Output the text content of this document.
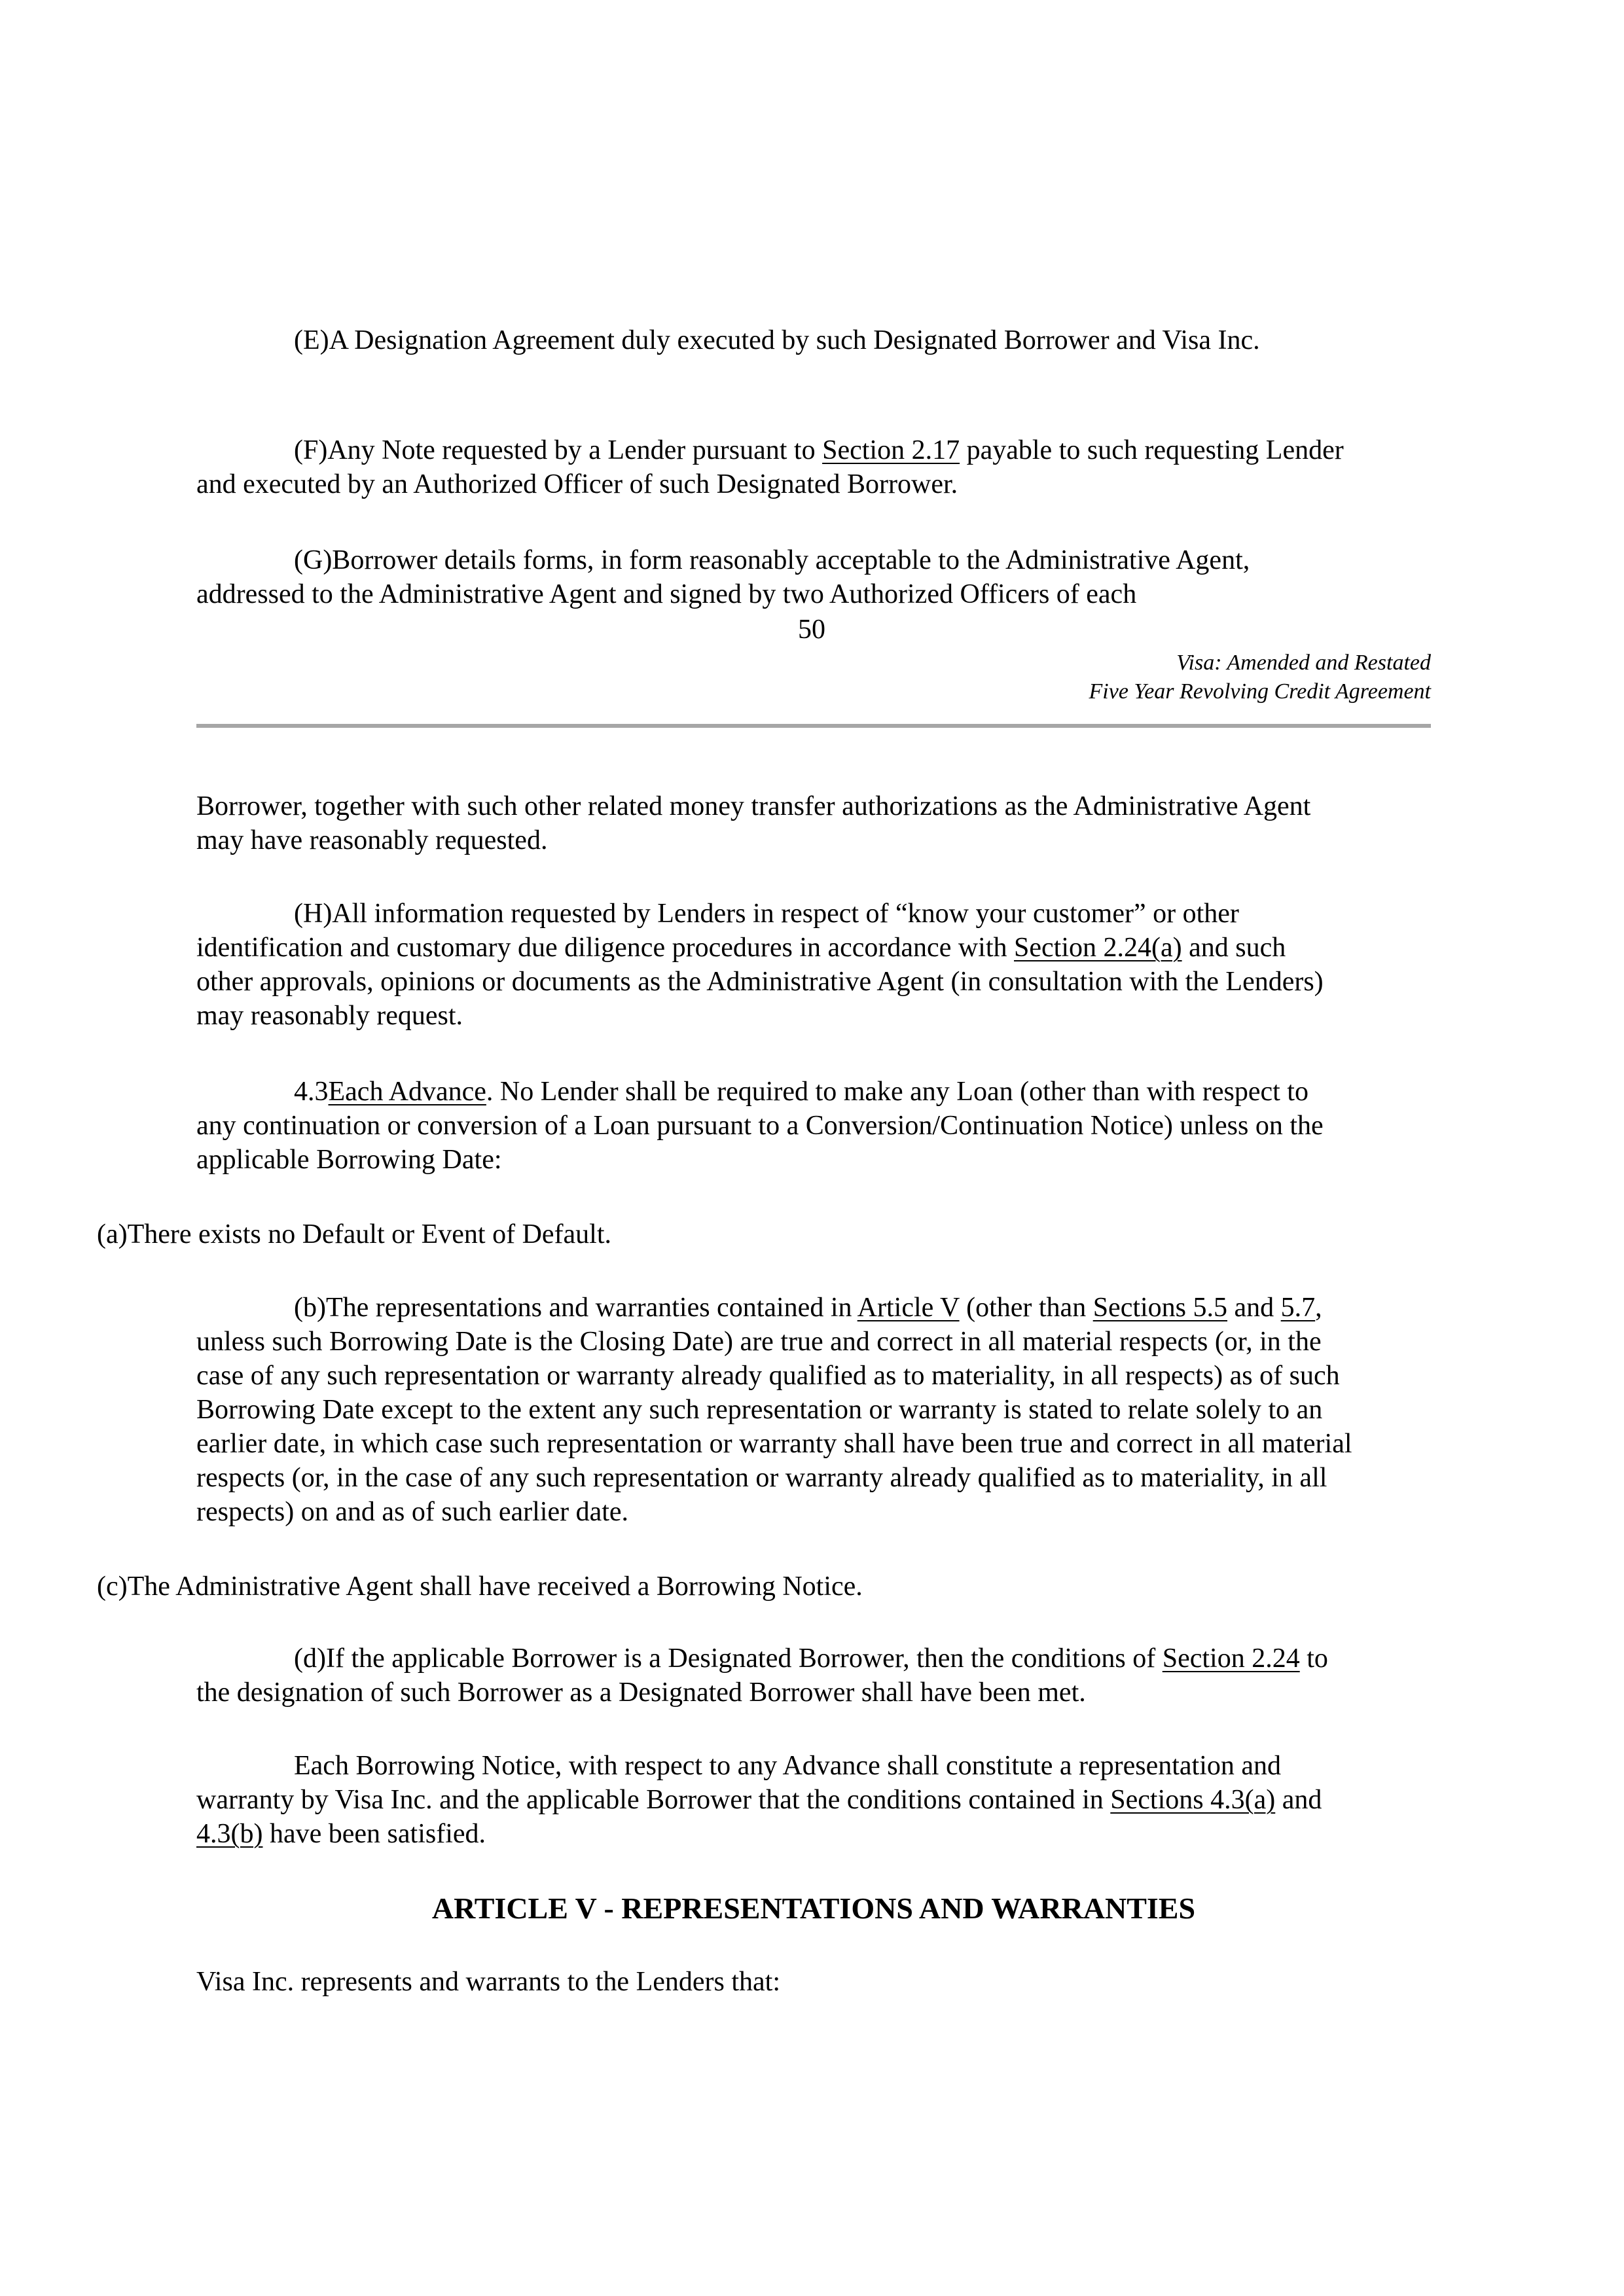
(E)A Designation Agreement duly executed by such Designated Borrower and Visa Inc.
(F)Any Note requested by a Lender pursuant to Section 2.17 payable to such requesting Lender
and executed by an Authorized Officer of such Designated Borrower.
(G)Borrower details forms, in form reasonably acceptable to the Administrative Agent,
addressed to the Administrative Agent and signed by two Authorized Officers of each
50
Visa: Amended and Restated
Five Year Revolving Credit Agreement
Borrower, together with such other related money transfer authorizations as the Administrative Agent
may have reasonably requested.
(H)All information requested by Lenders in respect of “know your customer” or other
identification and customary due diligence procedures in accordance with Section 2.24(a) and such
other approvals, opinions or documents as the Administrative Agent (in consultation with the Lenders)
may reasonably request.
4.3Each Advance. No Lender shall be required to make any Loan (other than with respect to
any continuation or conversion of a Loan pursuant to a Conversion/Continuation Notice) unless on the
applicable Borrowing Date:
(a)There exists no Default or Event of Default.
(b)The representations and warranties contained in Article V (other than Sections 5.5 and 5.7,
unless such Borrowing Date is the Closing Date) are true and correct in all material respects (or, in the
case of any such representation or warranty already qualified as to materiality, in all respects) as of such
Borrowing Date except to the extent any such representation or warranty is stated to relate solely to an
earlier date, in which case such representation or warranty shall have been true and correct in all material
respects (or, in the case of any such representation or warranty already qualified as to materiality, in all
respects) on and as of such earlier date.
(c)The Administrative Agent shall have received a Borrowing Notice.
(d)If the applicable Borrower is a Designated Borrower, then the conditions of Section 2.24 to
the designation of such Borrower as a Designated Borrower shall have been met.
Each Borrowing Notice, with respect to any Advance shall constitute a representation and
warranty by Visa Inc. and the applicable Borrower that the conditions contained in Sections 4.3(a) and
4.3(b) have been satisfied.
ARTICLE V - REPRESENTATIONS AND WARRANTIES
Visa Inc. represents and warrants to the Lenders that:
